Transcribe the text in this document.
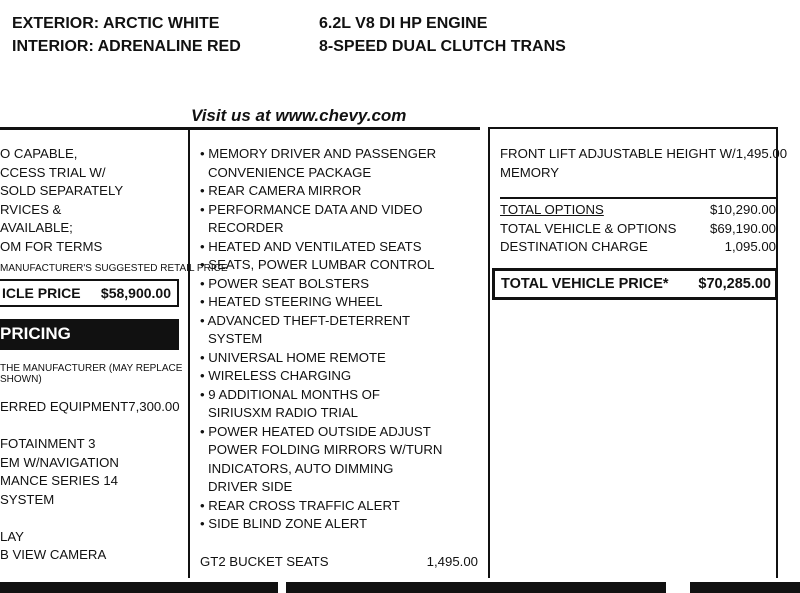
EXTERIOR: ARCTIC WHITE
INTERIOR: ADRENALINE RED
6.2L V8 DI HP ENGINE
8-SPEED DUAL CLUTCH TRANS
Visit us at www.chevy.com
O CAPABLE,
CCESS TRIAL W/
SOLD SEPARATELY
RVICES &
AVAILABLE;
OM FOR TERMS
MANUFACTURER'S SUGGESTED RETAIL PRICE
ICLE PRICE $58,900.00
PRICING
THE MANUFACTURER (MAY REPLACE
SHOWN)
ERRED EQUIPMENT 7,300.00
FOTAINMENT 3
EM W/NAVIGATION
MANCE SERIES 14
SYSTEM
LAY
B VIEW CAMERA
• MEMORY DRIVER AND PASSENGER
CONVENIENCE PACKAGE
• REAR CAMERA MIRROR
• PERFORMANCE DATA AND VIDEO
RECORDER
• HEATED AND VENTILATED SEATS
• SEATS, POWER LUMBAR CONTROL
• POWER SEAT BOLSTERS
• HEATED STEERING WHEEL
• ADVANCED THEFT-DETERRENT
SYSTEM
• UNIVERSAL HOME REMOTE
• WIRELESS CHARGING
• 9 ADDITIONAL MONTHS OF
SIRIUSXM RADIO TRIAL
• POWER HEATED OUTSIDE ADJUST
POWER FOLDING MIRRORS W/TURN
INDICATORS, AUTO DIMMING
DRIVER SIDE
• REAR CROSS TRAFFIC ALERT
• SIDE BLIND ZONE ALERT
GT2 BUCKET SEATS	1,495.00
FRONT LIFT ADJUSTABLE HEIGHT W/ 1,495.00
MEMORY
TOTAL OPTIONS	$10,290.00
TOTAL VEHICLE & OPTIONS	$69,190.00
DESTINATION CHARGE	1,095.00
TOTAL VEHICLE PRICE* $70,285.00
